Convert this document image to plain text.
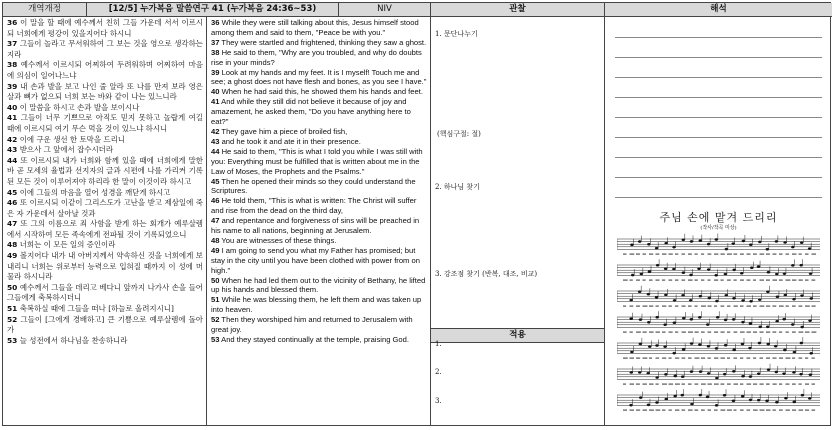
개역개정	[12/5] 누가복음 말씀연구 41 (누가복음 24:36~53)	NIV	관찰	해석
36 이 말을 할 때에 예수께서 친히 그들 가운데 서서 이르시되 너희에게 평강이 있을지어다 하시니
37 그들이 놀라고 무서워하여 그 보는 것을 영으로 생각하는지라
38 예수께서 이르시되 어찌하여 두려워하며 어찌하여 마음에 의심이 일어나느냐
39 내 손과 발을 보고 나인 줄 알라 또 나를 만져 보라 영은 살과 뼈가 없으되 너희 보는 바와 같이 나는 있느니라
40 이 말씀을 하시고 손과 발을 보이시나
41 그들이 너무 기쁘므로 아직도 믿지 못하고 놀랍게 여길 때에 이르시되 여기 무슨 먹을 것이 있느냐 하시니
42 이에 구운 생선 한 토막을 드리니
43 받으사 그 앞에서 잡수시더라
44 또 이르시되 내가 너희와 함께 있을 때에 너희에게 말한 바 곧 모세의 율법과 선지자의 글과 시편에 나를 가리켜 기록된 모든 것이 이루어져야 하리라 한 말이 이것이라 하시고
45 이에 그들의 마음을 열어 성경을 깨닫게 하시고
46 또 이르시되 이같이 그리스도가 고난을 받고 제삼일에 죽은 자 가운데서 살아날 것과
47 또 그의 이름으로 죄 사함을 받게 하는 회개가 예루살렘에서 시작하여 모든 족속에게 전파될 것이 기록되었으니
48 너희는 이 모든 일의 증인이라
49 볼지어다 내가 내 아버지께서 약속하신 것을 너희에게 보내리니 너희는 위로부터 능력으로 입혀질 때까지 이 성에 머물라 하시니라
50 예수께서 그들을 데리고 베다니 앞까지 나가사 손을 들어 그들에게 축복하시더니
51 축복하실 때에 그들을 떠나 [하늘로 올려지시니]
52 그들이 [그에게 경배하고] 큰 기쁨으로 예루살렘에 돌아가
53 늘 성전에서 하나님을 찬송하니라
36 While they were still talking about this, Jesus himself stood among them and said to them, "Peace be with you."
37 They were startled and frightened, thinking they saw a ghost.
38 He said to them, "Why are you troubled, and why do doubts rise in your minds?
39 Look at my hands and my feet. It is I myself! Touch me and see; a ghost does not have flesh and bones, as you see I have."
40 When he had said this, he showed them his hands and feet.
41 And while they still did not believe it because of joy and amazement, he asked them, "Do you have anything here to eat?"
42 They gave him a piece of broiled fish,
43 and he took it and ate it in their presence.
44 He said to them, "This is what I told you while I was still with you: Everything must be fulfilled that is written about me in the Law of Moses, the Prophets and the Psalms."
45 Then he opened their minds so they could understand the Scriptures.
46 He told them, "This is what is written: The Christ will suffer and rise from the dead on the third day,
47 and repentance and forgiveness of sins will be preached in his name to all nations, beginning at Jerusalem.
48 You are witnesses of these things.
49 I am going to send you what my Father has promised; but stay in the city until you have been clothed with power from on high."
50 When he had led them out to the vicinity of Bethany, he lifted up his hands and blessed them.
51 While he was blessing them, he left them and was taken up into heaven.
52 Then they worshiped him and returned to Jerusalem with great joy.
53 And they stayed continually at the temple, praising God.
1. 문단나누기
(핵심구절: 절)
2. 하나님 찾기
3. 강조점 찾기 (반복, 대조, 비교)
적용
1.
2.
3.
주님 손에 맡겨 드리리
(작사/작곡 미상)
